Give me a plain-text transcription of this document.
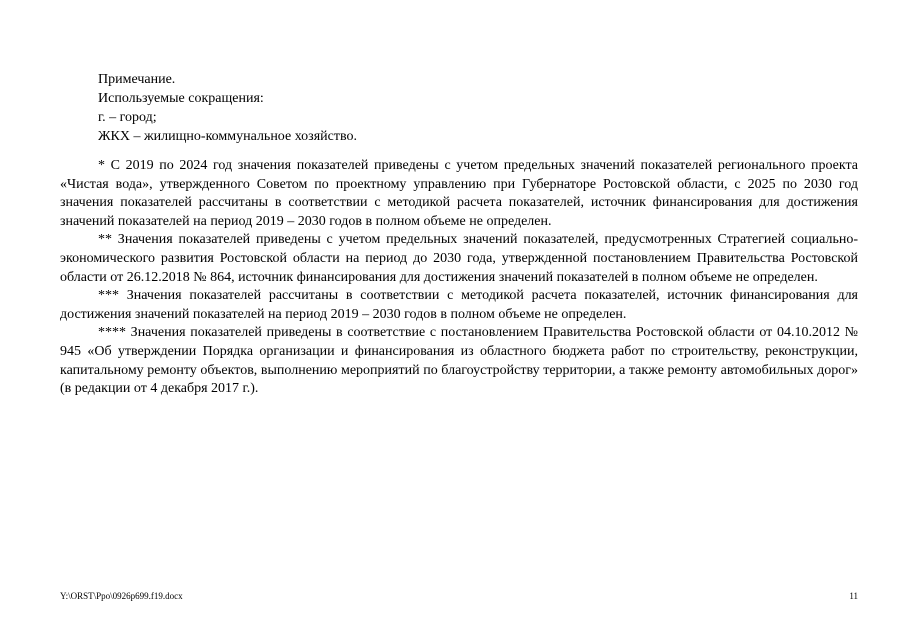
Примечание.
Используемые сокращения:
г. – город;
ЖКХ – жилищно-коммунальное хозяйство.

* С 2019 по 2024 год значения показателей приведены с учетом предельных значений показателей регионального проекта «Чистая вода», утвержденного Советом по проектному управлению при Губернаторе Ростовской области, с 2025 по 2030 год значения показателей рассчитаны в соответствии с методикой расчета показателей, источник финансирования для достижения значений показателей на период 2019 – 2030 годов в полном объеме не определен.

** Значения показателей приведены с учетом предельных значений показателей, предусмотренных Стратегией социально-экономического развития Ростовской области на период до 2030 года, утвержденной постановлением Правительства Ростовской области от 26.12.2018 № 864, источник финансирования для достижения значений показателей в полном объеме не определен.

*** Значения показателей рассчитаны в соответствии с методикой расчета показателей, источник финансирования для достижения значений показателей на период 2019 – 2030 годов в полном объеме не определен.

**** Значения показателей приведены в соответствие с постановлением Правительства Ростовской области от 04.10.2012 № 945 «Об утверждении Порядка организации и финансирования из областного бюджета работ по строительству, реконструкции, капитальному ремонту объектов, выполнению мероприятий по благоустройству территории, а также ремонту автомобильных дорог» (в редакции от 4 декабря 2017 г.).

Y:\ORST\Ppo\0926p699.f19.docx	11
